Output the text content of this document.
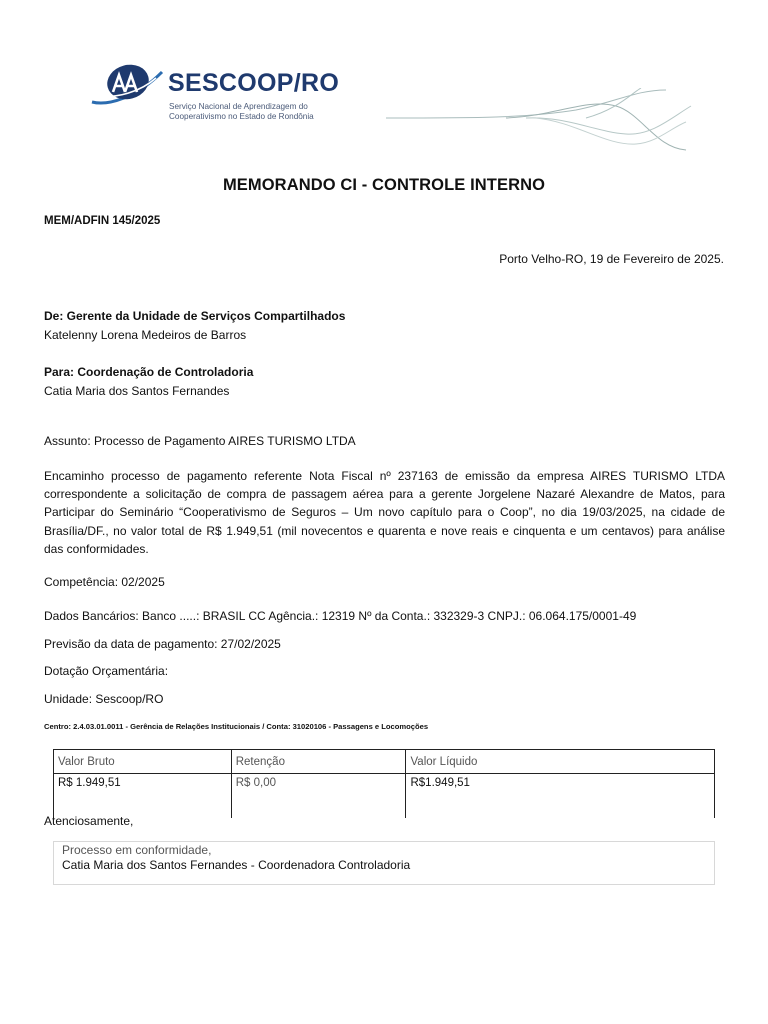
SESCOOP/RO
Serviço Nacional de Aprendizagem do
Cooperativismo no Estado de Rondônia
MEMORANDO CI - CONTROLE INTERNO
MEM/ADFIN 145/2025
Porto Velho-RO, 19 de Fevereiro de 2025.
De: Gerente da Unidade de Serviços Compartilhados
Katelenny Lorena Medeiros de Barros
Para: Coordenação de Controladoria
Catia Maria dos Santos Fernandes
Assunto: Processo de Pagamento AIRES TURISMO LTDA

Encaminho processo de pagamento referente Nota Fiscal nº 237163 de emissão da empresa AIRES TURISMO LTDA correspondente a solicitação de compra de passagem aérea para a gerente Jorgelene Nazaré Alexandre de Matos, para Participar do Seminário “Cooperativismo de Seguros – Um novo capítulo para o Coop”, no dia 19/03/2025, na cidade de Brasília/DF., no valor total de R$ 1.949,51 (mil novecentos e quarenta e nove reais e cinquenta e um centavos) para análise das conformidades.

Competência: 02/2025
Dados Bancários: Banco .....: BRASIL CC Agência.: 12319 Nº da Conta.: 332329-3 CNPJ.: 06.064.175/0001-49
Previsão da data de pagamento: 27/02/2025
Dotação Orçamentária:
Unidade: Sescoop/RO
Centro: 2.4.03.01.0011 - Gerência de Relações Institucionais / Conta: 31020106 - Passagens e Locomoções
Valor Bruto	Retenção	Valor Líquido
R$ 1.949,51	R$ 0,00	R$1.949,51
Atenciosamente,
Processo em conformidade,
Catia Maria dos Santos Fernandes - Coordenadora Controladoria
